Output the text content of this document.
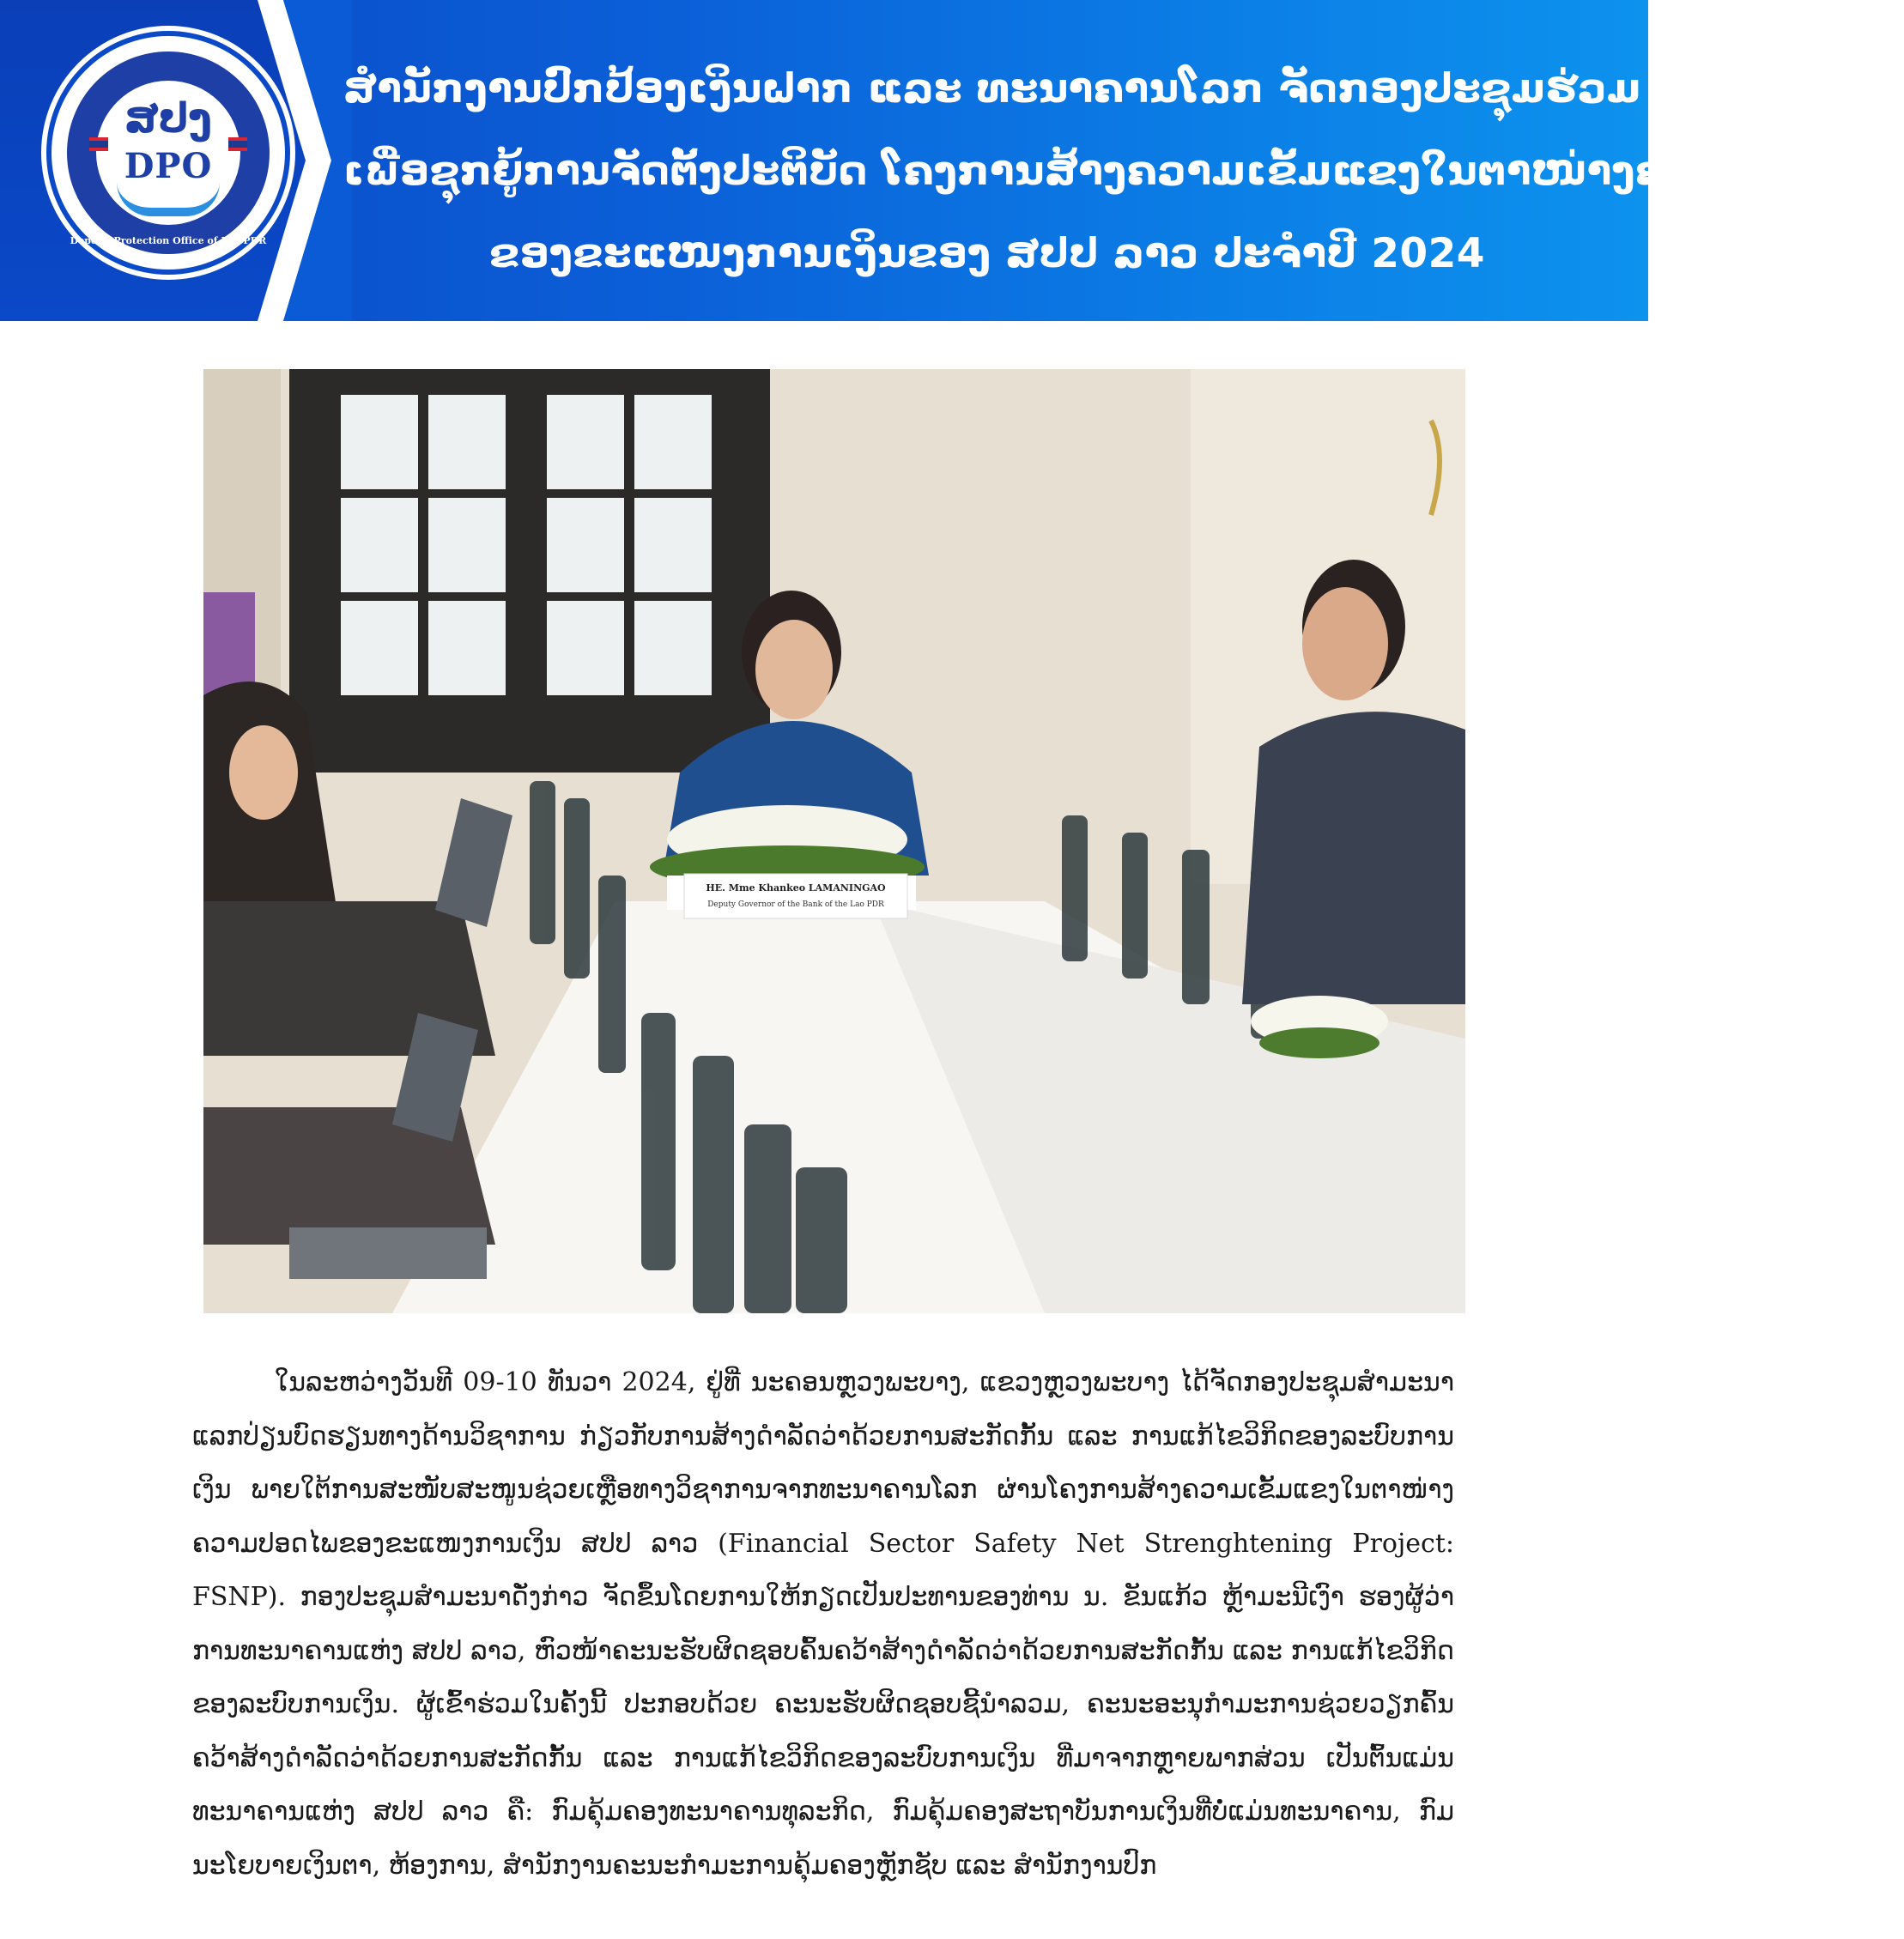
ສປງ
DPO
Deposit Protection Office of Lao PDR
ສໍານັກງານປົກປ້ອງເງິນຝາກ ແລະ ທະນາຄານໂລກ ຈັດກອງປະຊຸມຮ່ວມ
ເພື່ອຊຸກຍູ້ການຈັດຕັ້ງປະຕິບັດ ໂຄງການສ້າງຄວາມເຂັ້ມແຂງໃນຕາໜ່າງຄວາມປອດໄພ
ຂອງຂະແໜງການເງິນຂອງ ສປປ ລາວ ປະຈໍາປີ 2024
HE. Mme Khankeo LAMANINGAO
Deputy Governor of the Bank of the Lao PDR
ໃນລະຫວ່າງວັນທີ 09-10 ທັນວາ 2024, ຢູ່ທີ່ ນະຄອນຫຼວງພະບາງ, ແຂວງຫຼວງພະບາງ ໄດ້ຈັດກອງປະຊຸມສໍາມະນາແລກປ່ຽນບົດຮຽນທາງດ້ານວິຊາການ ກ່ຽວກັບການສ້າງດໍາລັດວ່າດ້ວຍການສະກັດກັ້ນ ແລະ ການແກ້ໄຂວິກິດຂອງລະບົບການເງິນ ພາຍໃຕ້ການສະໜັບສະໜູນຊ່ວຍເຫຼືອທາງວິຊາການຈາກທະນາຄານໂລກ ຜ່ານໂຄງການສ້າງຄວາມເຂັ້ມແຂງໃນຕາໜ່າງຄວາມປອດໄພຂອງຂະແໜງການເງິນ ສປປ ລາວ (Financial Sector Safety Net Strenghtening Project: FSNP). ກອງປະຊຸມສໍາມະນາດັ່ງກ່າວ ຈັດຂຶ້ນໂດຍການໃຫ້ກຽດເປັນປະທານຂອງທ່ານ ນ. ຂັນແກ້ວ ຫຼ້າມະນີເງົາ ຮອງຜູ້ວ່າການທະນາຄານແຫ່ງ ສປປ ລາວ, ຫົວໜ້າຄະນະຮັບຜິດຊອບຄົ້ນຄວ້າສ້າງດໍາລັດວ່າດ້ວຍການສະກັດກັ້ນ ແລະ ການແກ້ໄຂວິກິດຂອງລະບົບການເງິນ. ຜູ້ເຂົ້າຮ່ວມໃນຄັ້ງນີ້ ປະກອບດ້ວຍ ຄະນະຮັບຜິດຊອບຊີ້ນໍາລວມ, ຄະນະອະນຸກໍາມະການຊ່ວຍວຽກຄົ້ນຄວ້າສ້າງດໍາລັດວ່າດ້ວຍການສະກັດກັ້ນ ແລະ ການແກ້ໄຂວິກິດຂອງລະບົບການເງິນ ທີ່ມາຈາກຫຼາຍພາກສ່ວນ ເປັນຕົ້ນແມ່ນ ທະນາຄານແຫ່ງ ສປປ ລາວ ຄື: ກົມຄຸ້ມຄອງທະນາຄານທຸລະກິດ, ກົມຄຸ້ມຄອງສະຖາບັນການເງິນທີ່ບໍ່ແມ່ນທະນາຄານ, ກົມນະໂຍບາຍເງິນຕາ, ຫ້ອງການ, ສໍານັກງານຄະນະກໍາມະການຄຸ້ມຄອງຫຼັກຊັບ ແລະ ສໍານັກງານປົກ
